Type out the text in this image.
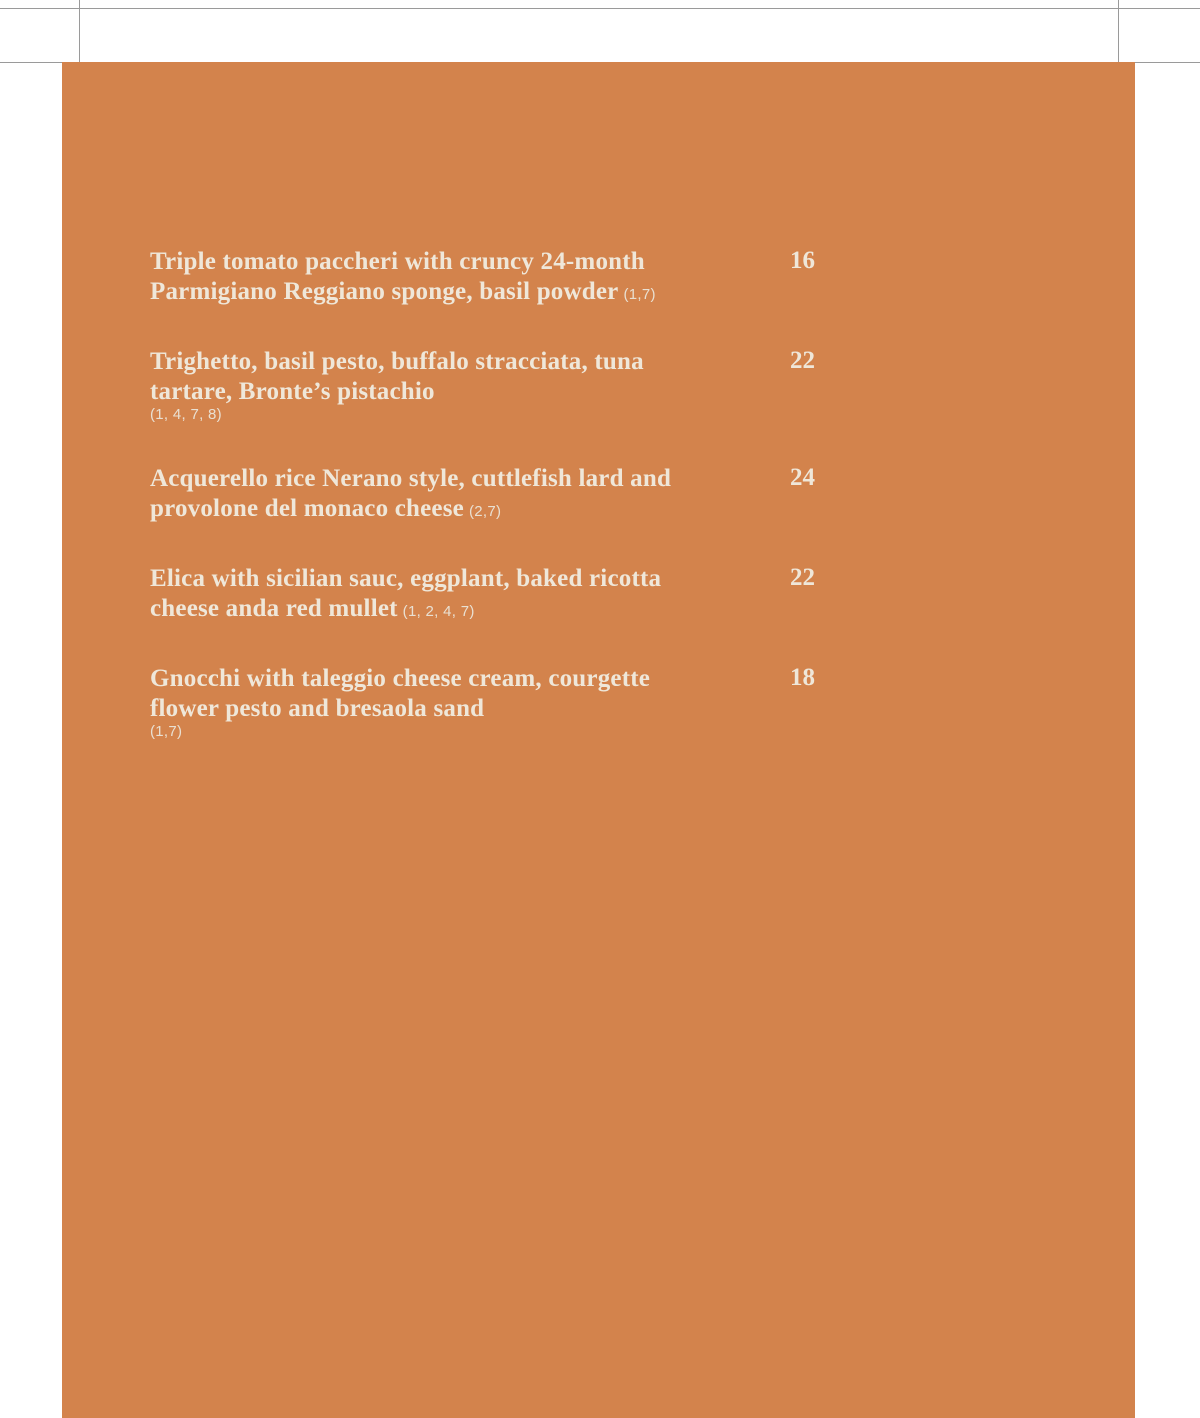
Triple tomato paccheri with cruncy 24-month Parmigiano Reggiano sponge, basil powder (1,7)
16
Trighetto, basil pesto, buffalo stracciata, tuna tartare, Bronte’s pistachio
(1, 4, 7, 8)
22
Acquerello rice Nerano style, cuttlefish lard and provolone del monaco cheese (2,7)
24
Elica with sicilian sauc, eggplant, baked ricotta cheese anda red mullet (1, 2, 4, 7)
22
Gnocchi with taleggio cheese cream, courgette flower pesto and bresaola sand
(1,7)
18
